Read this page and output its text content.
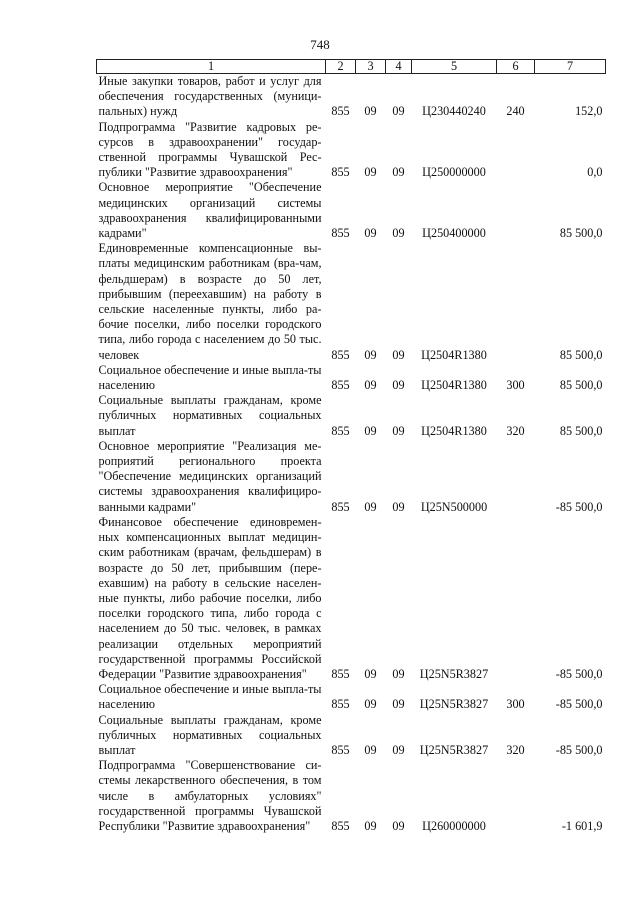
748
1	2	3	4	5	6	7
Иные закупки товаров, работ и услуг для обеспечения государственных (муници-пальных) нужд	855	09	09	Ц230440240	240	152,0
Подпрограмма "Развитие кадровых ре-сурсов в здравоохранении" государ-ственной программы Чувашской Рес-публики "Развитие здравоохранения"	855	09	09	Ц250000000		0,0
Основное мероприятие "Обеспечение медицинских организаций системы здравоохранения квалифицированными кадрами"	855	09	09	Ц250400000		85 500,0
Единовременные компенсационные вы-платы медицинским работникам (вра-чам, фельдшерам) в возрасте до 50 лет, прибывшим (переехавшим) на работу в сельские населенные пункты, либо ра-бочие поселки, либо поселки городского типа, либо города с населением до 50 тыс. человек	855	09	09	Ц2504R1380		85 500,0
Социальное обеспечение и иные выпла-ты населению	855	09	09	Ц2504R1380	300	85 500,0
Социальные выплаты гражданам, кроме публичных нормативных социальных выплат	855	09	09	Ц2504R1380	320	85 500,0
Основное мероприятие "Реализация ме-роприятий регионального проекта "Обеспечение медицинских организаций системы здравоохранения квалифициро-ванными кадрами"	855	09	09	Ц25N500000		-85 500,0
Финансовое обеспечение единовремен-ных компенсационных выплат медицин-ским работникам (врачам, фельдшерам) в возрасте до 50 лет, прибывшим (пере-ехавшим) на работу в сельские населен-ные пункты, либо рабочие поселки, либо поселки городского типа, либо города с населением до 50 тыс. человек, в рамках реализации отдельных мероприятий государственной программы Российской Федерации "Развитие здравоохранения"	855	09	09	Ц25N5R3827		-85 500,0
Социальное обеспечение и иные выпла-ты населению	855	09	09	Ц25N5R3827	300	-85 500,0
Социальные выплаты гражданам, кроме публичных нормативных социальных выплат	855	09	09	Ц25N5R3827	320	-85 500,0
Подпрограмма "Совершенствование си-стемы лекарственного обеспечения, в том числе в амбулаторных условиях" государственной программы Чувашской Республики "Развитие здравоохранения"	855	09	09	Ц260000000		-1 601,9
